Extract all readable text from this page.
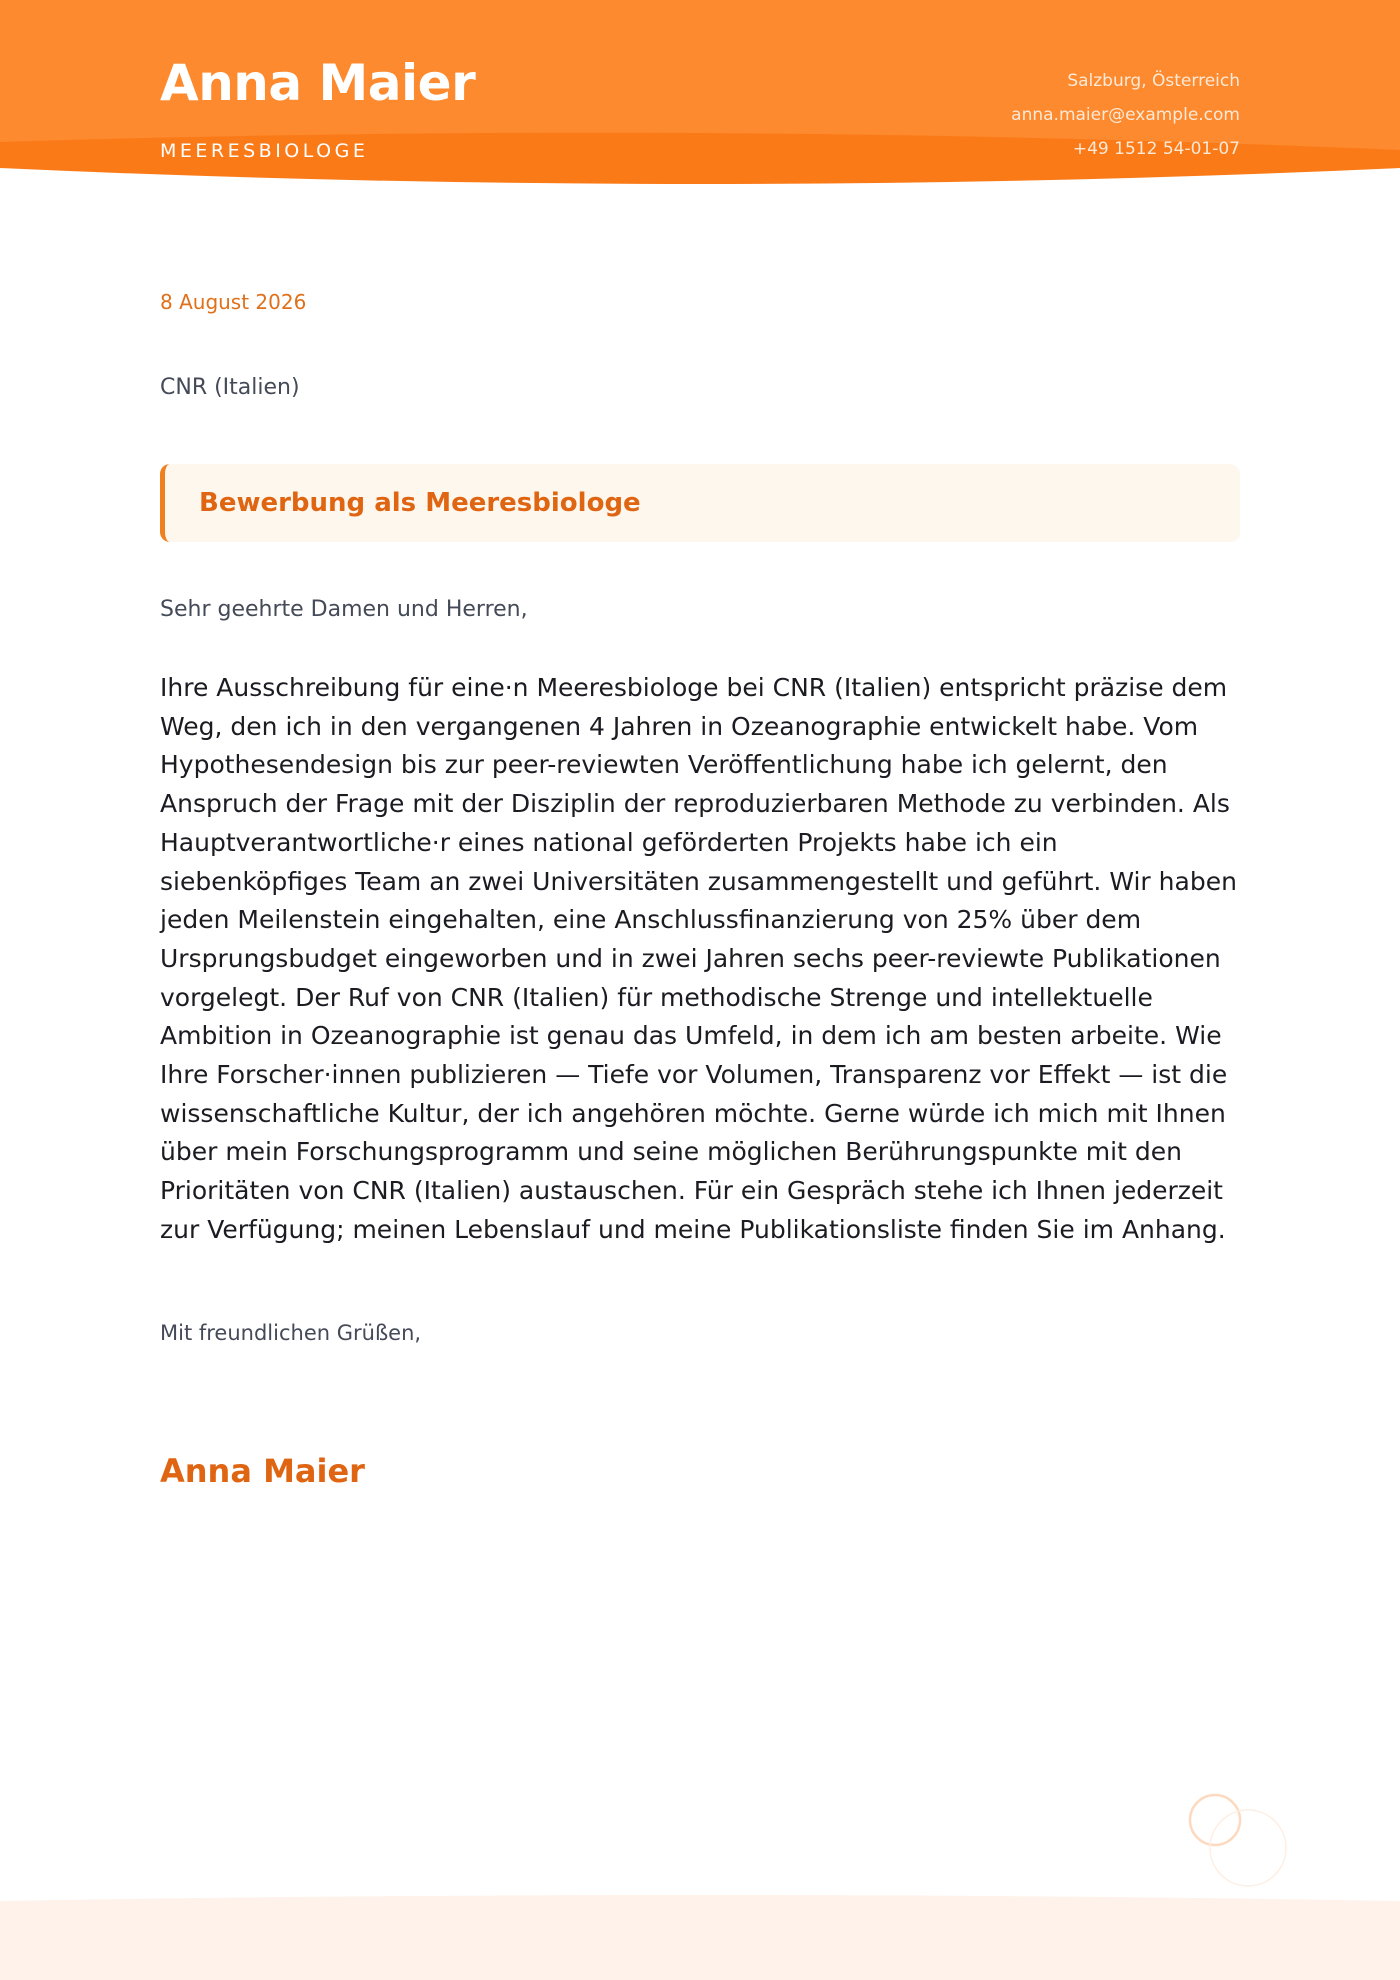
Anna Maier
MEERESBIOLOGE
Salzburg, Österreich
anna.maier@example.com
+49 1512 54-01-07
8 August 2026
CNR (Italien)
Bewerbung als Meeresbiologe
Sehr geehrte Damen und Herren,

Ihre Ausschreibung für eine·n Meeresbiologe bei CNR (Italien) entspricht präzise dem Weg, den ich in den vergangenen 4 Jahren in Ozeanographie entwickelt habe. Vom Hypothesendesign bis zur peer-reviewten Veröffentlichung habe ich gelernt, den Anspruch der Frage mit der Disziplin der reproduzierbaren Methode zu verbinden. Als Hauptverantwortliche·r eines national geförderten Projekts habe ich ein siebenköpfiges Team an zwei Universitäten zusammengestellt und geführt. Wir haben jeden Meilenstein eingehalten, eine Anschlussfinanzierung von 25% über dem Ursprungsbudget eingeworben und in zwei Jahren sechs peer-reviewte Publikationen vorgelegt. Der Ruf von CNR (Italien) für methodische Strenge und intellektuelle Ambition in Ozeanographie ist genau das Umfeld, in dem ich am besten arbeite. Wie Ihre Forscher·innen publizieren — Tiefe vor Volumen, Transparenz vor Effekt — ist die wissenschaftliche Kultur, der ich angehören möchte. Gerne würde ich mich mit Ihnen über mein Forschungsprogramm und seine möglichen Berührungspunkte mit den Prioritäten von CNR (Italien) austauschen. Für ein Gespräch stehe ich Ihnen jederzeit zur Verfügung; meinen Lebenslauf und meine Publikationsliste finden Sie im Anhang.

Mit freundlichen Grüßen,
Anna Maier
